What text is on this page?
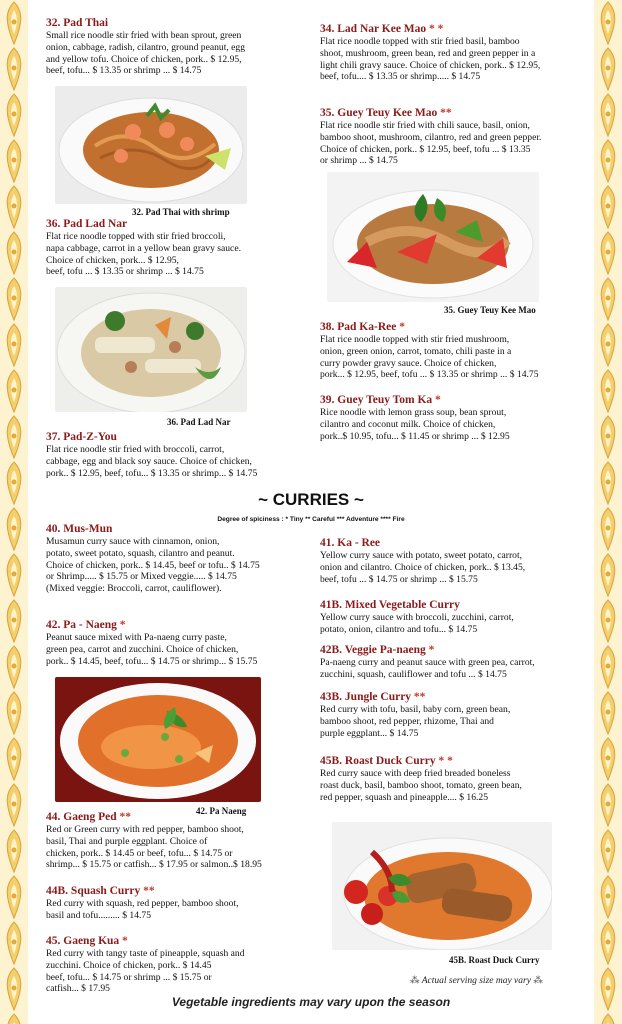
32. Pad Thai
Small rice noodle stir fried with bean sprout, green
onion, cabbage, radish, cilantro, ground peanut, egg
and yellow tofu. Choice of chicken, pork.. $ 12.95,
beef, tofu... $ 13.35 or shrimp ... $ 14.75
32. Pad Thai with shrimp
36. Pad Lad Nar
Flat rice noodle topped with stir fried broccoli,
napa cabbage, carrot in a yellow bean gravy sauce.
Choice of chicken, pork... $ 12.95,
beef, tofu ... $ 13.35 or shrimp ... $ 14.75
36. Pad Lad Nar
37. Pad-Z-You
Flat rice noodle stir fried with broccoli, carrot,
cabbage, egg and black soy sauce. Choice of chicken,
pork.. $ 12.95, beef, tofu... $ 13.35 or shrimp... $ 14.75
34. Lad Nar Kee Mao * *
Flat rice noodle topped with stir fried basil, bamboo
shoot, mushroom, green bean, red and green pepper in a
light chili gravy sauce. Choice of chicken, pork.. $ 12.95,
beef, tofu.... $ 13.35 or shrimp..... $ 14.75
35. Guey Teuy Kee Mao **
Flat rice noodle stir fried with chili sauce, basil, onion,
bamboo shoot, mushroom, cilantro, red and green pepper.
Choice of chicken, pork.. $ 12.95, beef, tofu ... $ 13.35
or shrimp ... $ 14.75
35. Guey Teuy Kee Mao
38. Pad Ka-Ree *
Flat rice noodle topped with stir fried mushroom,
onion, green onion, carrot, tomato, chili paste in a
curry powder gravy sauce. Choice of chicken,
pork... $ 12.95, beef, tofu ... $ 13.35 or shrimp ... $ 14.75
39. Guey Teuy Tom Ka *
Rice noodle with lemon grass soup, bean sprout,
cilantro and coconut milk. Choice of chicken,
pork..$ 10.95, tofu... $ 11.45 or shrimp ... $ 12.95
~ CURRIES ~
Degree of spiciness : * Tiny ** Careful *** Adventure **** Fire
40. Mus-Mun
Musamun curry sauce with cinnamon, onion,
potato, sweet potato, squash, cilantro and peanut.
Choice of chicken, pork.. $ 14.45, beef or tofu.. $ 14.75
or Shrimp..... $ 15.75 or Mixed veggie..... $ 14.75
(Mixed veggie: Broccoli, carrot, cauliflower).
42. Pa - Naeng *
Peanut sauce mixed with Pa-naeng curry paste,
green pea, carrot and zucchini. Choice of chicken,
pork.. $ 14.45, beef, tofu... $ 14.75 or shrimp... $ 15.75
42. Pa Naeng
44. Gaeng Ped **
Red or Green curry with red pepper, bamboo shoot,
basil, Thai and purple eggplant. Choice of
chicken, pork.. $ 14.45 or beef, tofu... $ 14.75 or
shrimp... $ 15.75 or catfish... $ 17.95 or salmon..$ 18.95
44B. Squash Curry **
Red curry with squash, red pepper, bamboo shoot,
basil and tofu......... $ 14.75
45. Gaeng Kua *
Red curry with tangy taste of pineapple, squash and
zucchini. Choice of chicken, pork.. $ 14.45
beef, tofu... $ 14.75 or shrimp ... $ 15.75 or
catfish... $ 17.95
41. Ka - Ree
Yellow curry sauce with potato, sweet potato, carrot,
onion and cilantro. Choice of chicken, pork.. $ 13.45,
beef, tofu ... $ 14.75 or shrimp ... $ 15.75
41B. Mixed Vegetable Curry
Yellow curry sauce with broccoli, zucchini, carrot,
potato, onion, cilantro and tofu... $ 14.75
42B. Veggie Pa-naeng *
Pa-naeng curry and peanut sauce with green pea, carrot,
zucchini, squash, cauliflower and tofu ... $ 14.75
43B. Jungle Curry **
Red curry with tofu, basil, baby corn, green bean,
bamboo shoot, red pepper, rhizome, Thai and
purple eggplant... $ 14.75
45B. Roast Duck Curry * *
Red curry sauce with deep fried breaded boneless
roast duck, basil, bamboo shoot, tomato, green bean,
red pepper, squash and pineapple.... $ 16.25
45B. Roast Duck Curry
⁂ Actual serving size may vary ⁂
Vegetable ingredients may vary upon the season
